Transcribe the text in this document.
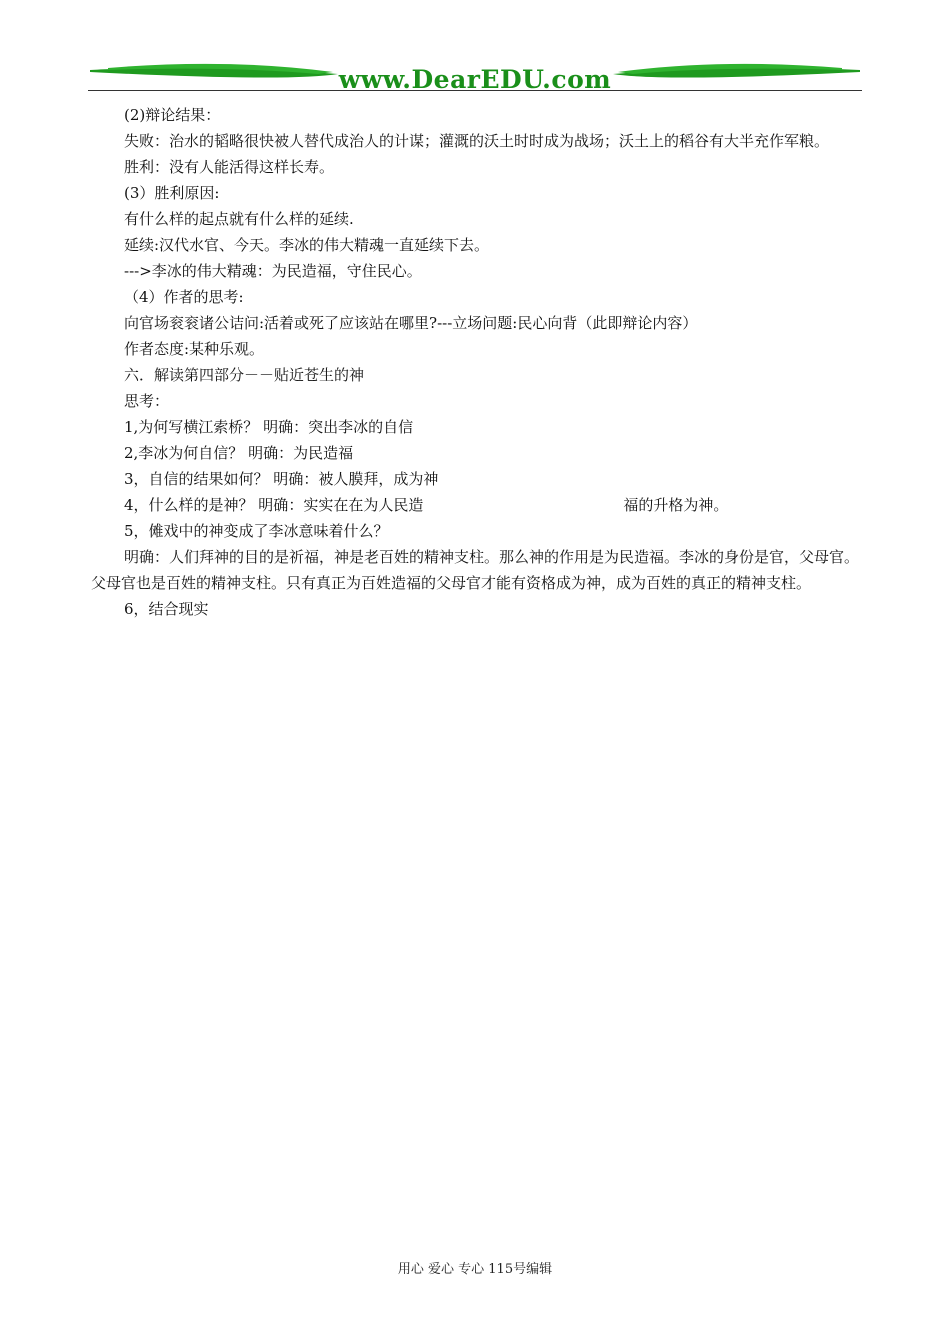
www.DearEDU.com

(2)辩论结果：

失败：治水的韬略很快被人替代成治人的计谋；灌溉的沃土时时成为战场；沃土上的稻谷有大半充作军粮。

胜利：没有人能活得这样长寿。

(3）胜利原因:

有什么样的起点就有什么样的延续.

延续:汉代水官、今天。李冰的伟大精魂一直延续下去。

--->李冰的伟大精魂：为民造福，守住民心。

（4）作者的思考:

向官场衮衮诸公诘问:活着或死了应该站在哪里?---立场问题:民心向背（此即辩论内容）

作者态度:某种乐观。

六．解读第四部分－－贴近苍生的神

思考：

1,为何写横江索桥？ 明确：突出李冰的自信

2,李冰为何自信？ 明确：为民造福

3，自信的结果如何？ 明确：被人膜拜，成为神

4，什么样的是神？ 明确：实实在在为人民造	福的升格为神。

5，傩戏中的神变成了李冰意味着什么？

明确：人们拜神的目的是祈福，神是老百姓的精神支柱。那么神的作用是为民造福。李冰的身份是官，父母官。父母官也是百姓的精神支柱。只有真正为百姓造福的父母官才能有资格成为神，成为百姓的真正的精神支柱。

6，结合现实

用心 爱心 专心 115号编辑
